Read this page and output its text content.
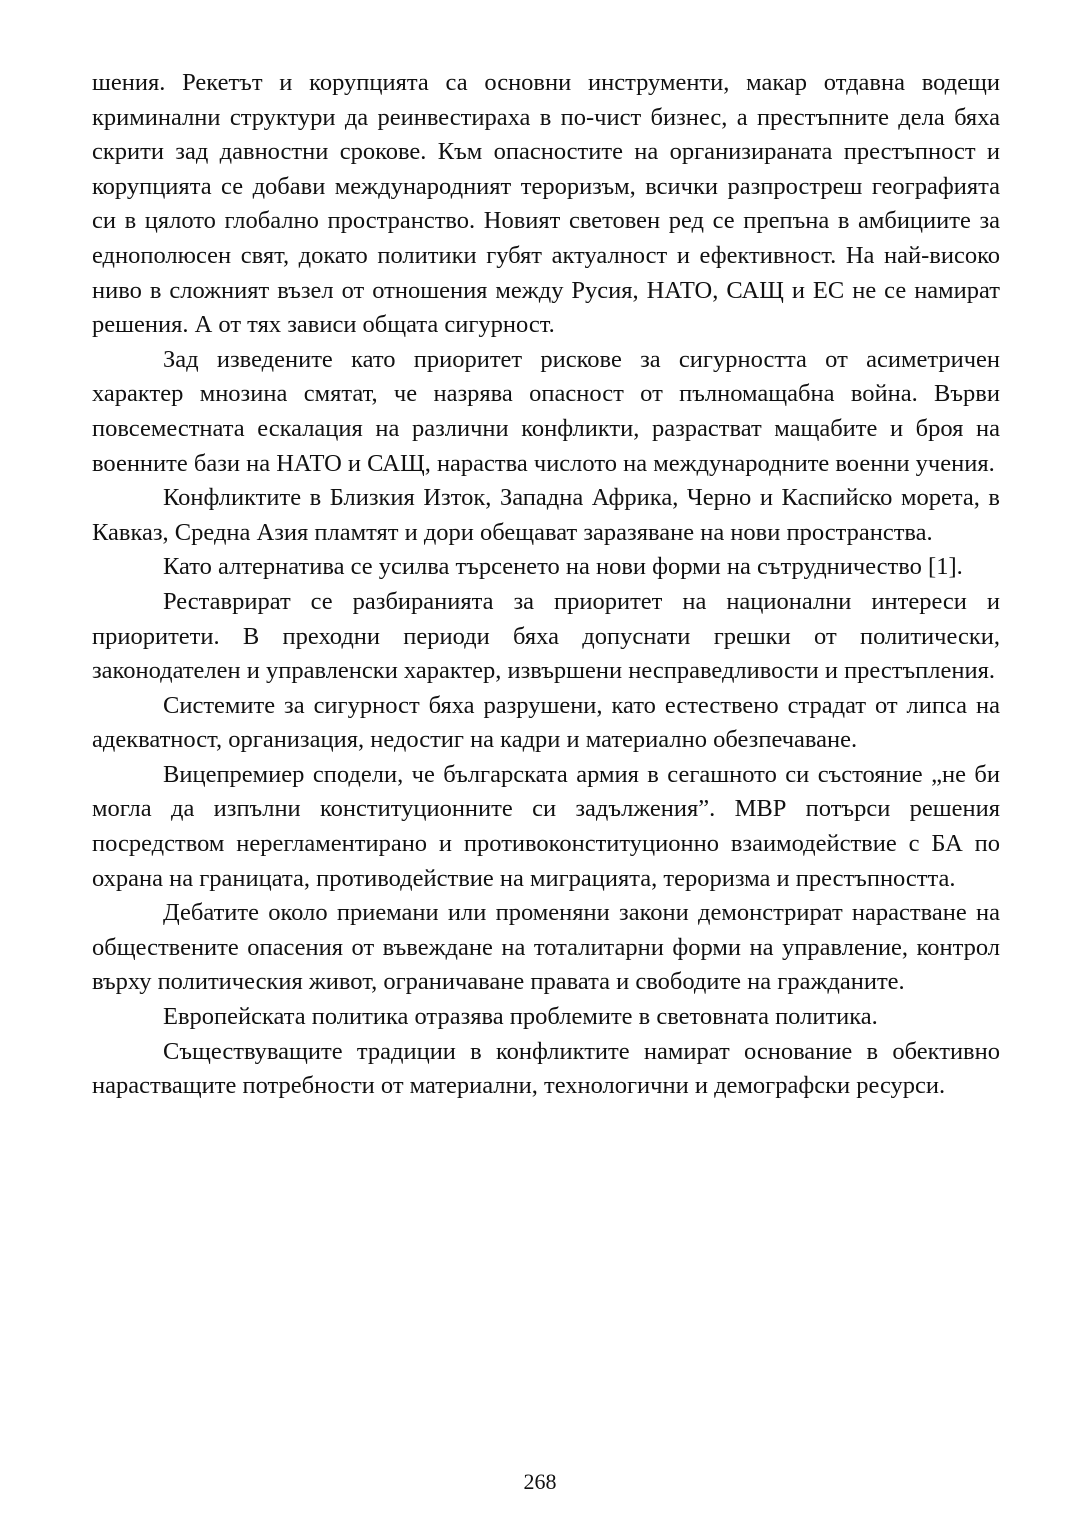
шения. Рекетът и корупцията са основни инструменти, макар отдавна водещи криминални структури да реинвестираха в по-чист бизнес, а престъпните дела бяха скрити зад давностни срокове. Към опасностите на организираната престъпност и корупцията се добави международният тероризъм, всички разпростреш географията си в цялото глобално пространство. Новият световен ред се препъна в амбициите за еднополюсен свят, докато политики губят актуалност и ефективност. На най-високо ниво в сложният възел от отношения между Русия, НАТО, САЩ и ЕС не се намират решения. А от тях зависи общата сигурност.

Зад изведените като приоритет рискове за сигурността от асиметричен характер мнозина смятат, че назрява опасност от пълномащабна война. Върви повсеместната ескалация на различни конфликти, разрастват мащабите и броя на военните бази на НАТО и САЩ, нараства числото на международните военни учения.

Конфликтите в Близкия Изток, Западна Африка, Черно и Каспийско морета, в Кавказ, Средна Азия пламтят и дори обещават заразяване на нови пространства.

Като алтернатива се усилва търсенето на нови форми на сътрудничество [1].

Реставрират се разбиранията за приоритет на национални интереси и приоритети. В преходни периоди бяха допуснати грешки от политически, законодателен и управленски характер, извършени несправедливости и престъпления.

Системите за сигурност бяха разрушени, като естествено страдат от липса на адекватност, организация, недостиг на кадри и материално обезпечаване.

Вицепремиер сподели, че българската армия в сегашното си състояние „не би могла да изпълни конституционните си задължения”. МВР потърси решения посредством нерегламентирано и противоконституционно взаимодействие с БА по охрана на границата, противодействие на миграцията, тероризма и престъпността.

Дебатите около приемани или променяни закони демонстрират нарастване на обществените опасения от въвеждане на тоталитарни форми на управление, контрол върху политическия живот, ограничаване правата и свободите на гражданите.

Европейската политика отразява проблемите в световната политика.

Съществуващите традиции в конфликтите намират основание в обективно нарастващите потребности от материални, технологични и демографски ресурси.

268
